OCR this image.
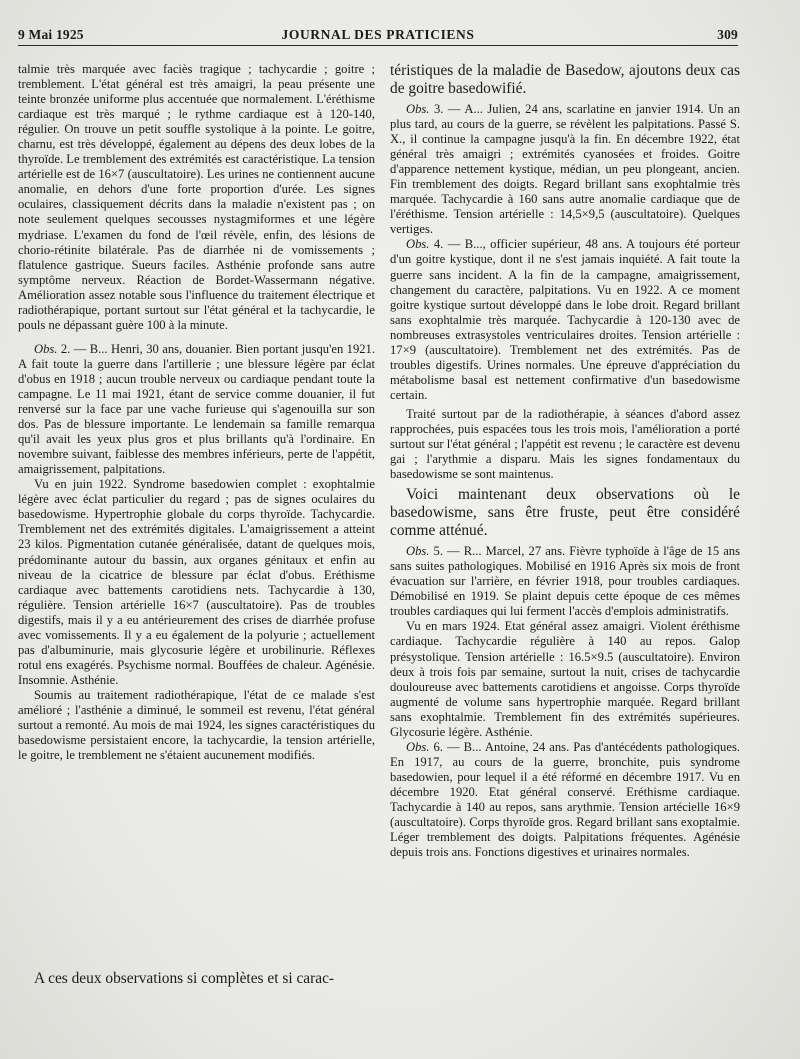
9 Mai 1925	JOURNAL DES PRATICIENS	309

talmie très marquée avec faciès tragique ; tachycardie ; goitre ; tremblement. L'état général est très amaigri, la peau présente une teinte bronzée uniforme plus accentuée que normalement. L'éréthisme cardiaque est très marqué ; le rythme cardiaque est à 120-140, régulier. On trouve un petit souffle systolique à la pointe. Le goitre, charnu, est très développé, également au dépens des deux lobes de la thyroïde. Le tremblement des extrémités est caractéristique. La tension artérielle est de 16×7 (auscultatoire). Les urines ne contiennent aucune anomalie, en dehors d'une forte proportion d'urée. Les signes oculaires, classiquement décrits dans la maladie n'existent pas ; on note seulement quelques secousses nystagmiformes et une légère mydriase. L'examen du fond de l'œil révèle, enfin, des lésions de chorio-rétinite bilatérale. Pas de diarrhée ni de vomissements ; flatulence gastrique. Sueurs faciles. Asthénie profonde sans autre symptôme nerveux. Réaction de Bordet-Wassermann négative. Amélioration assez notable sous l'influence du traitement électrique et radiothérapique, portant surtout sur l'état général et la tachycardie, le pouls ne dépassant guère 100 à la minute.

Obs. 2. — B... Henri, 30 ans, douanier. Bien portant jusqu'en 1921. A fait toute la guerre dans l'artillerie ; une blessure légère par éclat d'obus en 1918 ; aucun trouble nerveux ou cardiaque pendant toute la campagne. Le 11 mai 1921, étant de service comme douanier, il fut renversé sur la face par une vache furieuse qui s'agenouilla sur son dos. Pas de blessure importante. Le lendemain sa famille remarqua qu'il avait les yeux plus gros et plus brillants qu'à l'ordinaire. En novembre suivant, faiblesse des membres inférieurs, perte de l'appétit, amaigrissement, palpitations.

Vu en juin 1922. Syndrome basedowien complet : exophtalmie légère avec éclat particulier du regard ; pas de signes oculaires du basedowisme. Hypertrophie globale du corps thyroïde. Tachycardie. Tremblement net des extrémités digitales. L'amaigrissement a atteint 23 kilos. Pigmentation cutanée généralisée, datant de quelques mois, prédominante autour du bassin, aux organes génitaux et enfin au niveau de la cicatrice de blessure par éclat d'obus. Eréthisme cardiaque avec battements carotidiens nets. Tachycardie à 130, régulière. Tension artérielle 16×7 (auscultatoire). Pas de troubles digestifs, mais il y a eu antérieurement des crises de diarrhée profuse avec vomissements. Il y a eu également de la polyurie ; actuellement pas d'albuminurie, mais glycosurie légère et urobilinurie. Réflexes rotul ens exagérés. Psychisme normal. Bouffées de chaleur. Agénésie. Insomnie. Asthénie.

Soumis au traitement radiothérapique, l'état de ce malade s'est amélioré ; l'asthénie a diminué, le sommeil est revenu, l'état général surtout a remonté. Au mois de mai 1924, les signes caractéristiques du basedowisme persistaient encore, la tachycardie, la tension artérielle, le goitre, le tremblement ne s'étaient aucunement modifiés.

A ces deux observations si complètes et si carac-

téristiques de la maladie de Basedow, ajoutons deux cas de goitre basedowifié.

Obs. 3. — A... Julien, 24 ans, scarlatine en janvier 1914. Un an plus tard, au cours de la guerre, se révèlent les palpitations. Passé S. X., il continue la campagne jusqu'à la fin. En décembre 1922, état général très amaigri ; extrémités cyanosées et froides. Goitre d'apparence nettement kystique, médian, un peu plongeant, ancien. Fin tremblement des doigts. Regard brillant sans exophtalmie très marquée. Tachycardie à 160 sans autre anomalie cardiaque que de l'éréthisme. Tension artérielle : 14,5×9,5 (auscultatoire). Quelques vertiges.

Obs. 4. — B..., officier supérieur, 48 ans. A toujours été porteur d'un goitre kystique, dont il ne s'est jamais inquiété. A fait toute la guerre sans incident. A la fin de la campagne, amaigrissement, changement du caractère, palpitations. Vu en 1922. A ce moment goitre kystique surtout développé dans le lobe droit. Regard brillant sans exophtalmie très marquée. Tachycardie à 120-130 avec de nombreuses extrasystoles ventriculaires droites. Tension artérielle : 17×9 (auscultatoire). Tremblement net des extrémités. Pas de troubles digestifs. Urines normales. Une épreuve d'appréciation du métabolisme basal est nettement confirmative d'un basedowisme certain.

Traité surtout par de la radiothérapie, à séances d'abord assez rapprochées, puis espacées tous les trois mois, l'amélioration a porté surtout sur l'état général ; l'appétit est revenu ; le caractère est devenu gai ; l'arythmie a disparu. Mais les signes fondamentaux du basedowisme se sont maintenus.

Voici maintenant deux observations où le basedowisme, sans être fruste, peut être considéré comme atténué.

Obs. 5. — R... Marcel, 27 ans. Fièvre typhoïde à l'âge de 15 ans sans suites pathologiques. Mobilisé en 1916 Après six mois de front évacuation sur l'arrière, en février 1918, pour troubles cardiaques. Démobilisé en 1919. Se plaint depuis cette époque de ces mêmes troubles cardiaques qui lui ferment l'accès d'emplois administratifs.

Vu en mars 1924. Etat général assez amaigri. Violent éréthisme cardiaque. Tachycardie régulière à 140 au repos. Galop présystolique. Tension artérielle : 16.5×9.5 (auscultatoire). Environ deux à trois fois par semaine, surtout la nuit, crises de tachycardie douloureuse avec battements carotidiens et angoisse. Corps thyroïde augmenté de volume sans hypertrophie marquée. Regard brillant sans exophtalmie. Tremblement fin des extrémités supérieures. Glycosurie légère. Asthénie.

Obs. 6. — B... Antoine, 24 ans. Pas d'antécédents pathologiques. En 1917, au cours de la guerre, bronchite, puis syndrome basedowien, pour lequel il a été réformé en décembre 1917. Vu en décembre 1920. Etat général conservé. Eréthisme cardiaque. Tachycardie à 140 au repos, sans arythmie. Tension artécielle 16×9 (auscultatoire). Corps thyroïde gros. Regard brillant sans exoptalmie. Léger tremblement des doigts. Palpitations fréquentes. Agénésie depuis trois ans. Fonctions digestives et urinaires normales.
